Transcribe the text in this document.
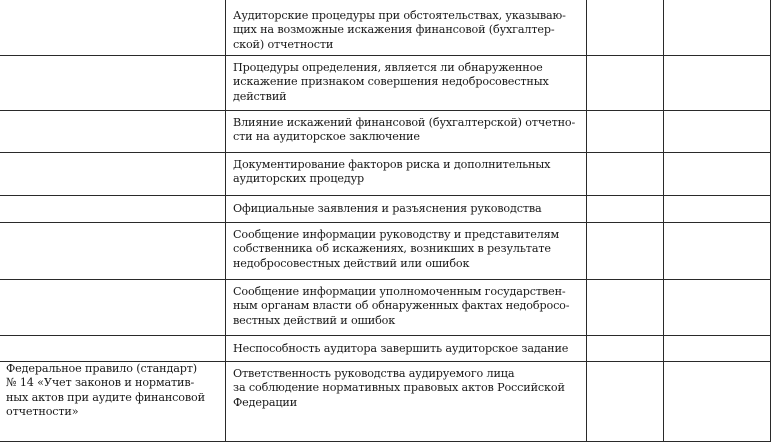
	Аудиторские процедуры при обстоятельствах, указываю-
щих на возможные искажения финансовой (бухгалтер-
ской) отчетности		

	Процедуры определения, является ли обнаруженное
искажение признаком совершения недобросовестных
действий		

	Влияние искажений финансовой (бухгалтерской) отчетно-
сти на аудиторское заключение		

	Документирование факторов риска и дополнительных
аудиторских процедур		

	Официальные заявления и разъяснения руководства		

	Сообщение информации руководству и представителям
собственника об искажениях, возникших в результате
недобросовестных действий или ошибок		

	Сообщение информации уполномоченным государствен-
ным органам власти об обнаруженных фактах недобросо-
вестных действий и ошибок		

	Неспособность аудитора завершить аудиторское задание		

Федеральное правило (стандарт)
№ 14 «Учет законов и норматив-
ных актов при аудите финансовой
отчетности»	Ответственность руководства аудируемого лица
за соблюдение нормативных правовых актов Российской
Федерации		
